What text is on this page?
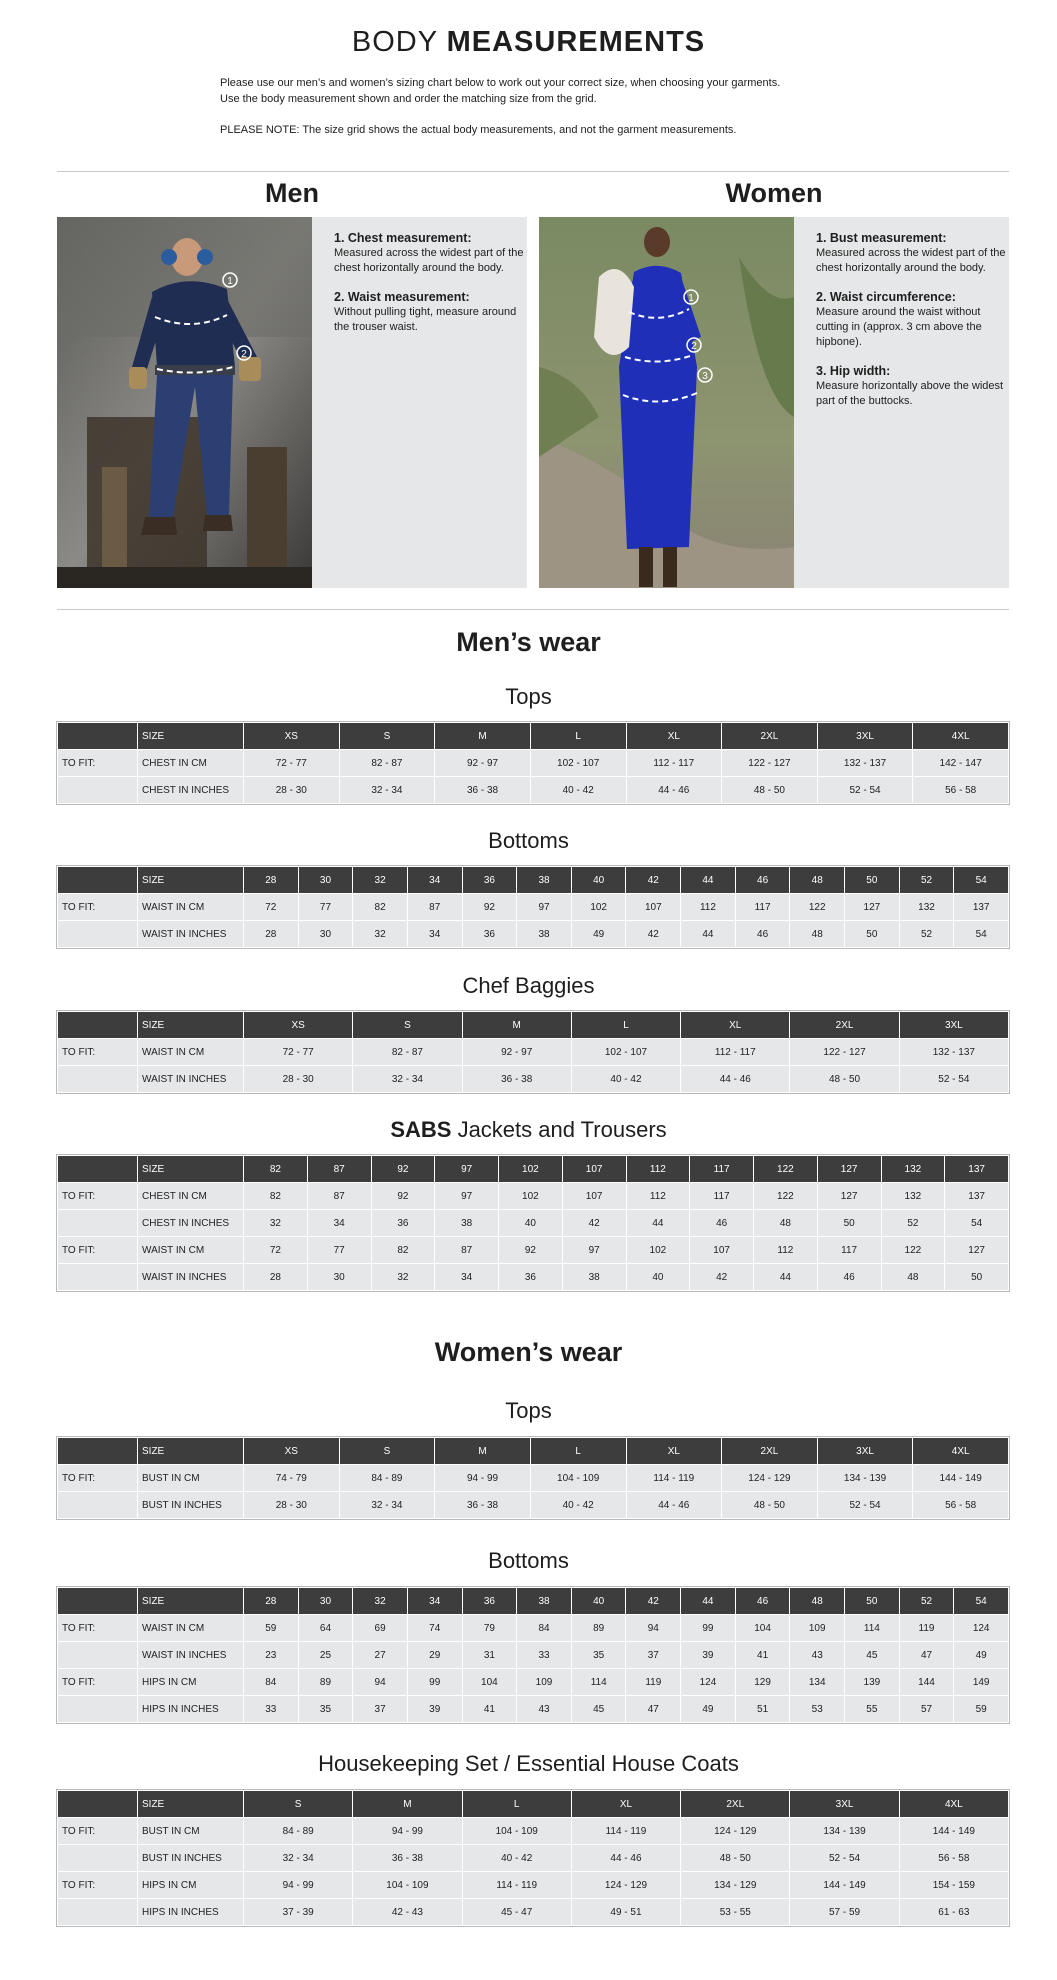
BODY MEASUREMENTS

Please use our men’s and women’s sizing chart below to work out your correct size, when choosing your garments.

Use the body measurement shown and order the matching size from the grid.

PLEASE NOTE: The size grid shows the actual body measurements, and not the garment measurements.

Men
1
2
1. Chest measurement:
Measured across the widest part of the chest horizontally around the body.
2. Waist measurement:
Without pulling tight, measure around the trouser waist.
Women
1
2
3
1. Bust measurement:
Measured across the widest part of the chest horizontally around the body.
2. Waist circumference:
Measure around the waist without cutting in (approx. 3 cm above the hipbone).
3. Hip width:
Measure horizontally above the widest part of the buttocks.
Men’s wear
Tops
	SIZE	XS	S	M	L	XL	2XL	3XL	4XL
TO FIT:	CHEST IN CM	72 - 77	82 - 87	92 - 97	102 - 107	112 - 117	122 - 127	132 - 137	142 - 147
	CHEST IN INCHES	28 - 30	32 - 34	36 - 38	40 - 42	44 - 46	48 - 50	52 - 54	56 - 58
Bottoms
	SIZE	28	30	32	34	36	38	40	42	44	46	48	50	52	54
TO FIT:	WAIST IN CM	72	77	82	87	92	97	102	107	112	117	122	127	132	137
	WAIST IN INCHES	28	30	32	34	36	38	49	42	44	46	48	50	52	54
Chef Baggies
	SIZE	XS	S	M	L	XL	2XL	3XL
TO FIT:	WAIST IN CM	72 - 77	82 - 87	92 - 97	102 - 107	112 - 117	122 - 127	132 - 137
	WAIST IN INCHES	28 - 30	32 - 34	36 - 38	40 - 42	44 - 46	48 - 50	52 - 54
SABS Jackets and Trousers
	SIZE	82	87	92	97	102	107	112	117	122	127	132	137
TO FIT:	CHEST IN CM	82	87	92	97	102	107	112	117	122	127	132	137
	CHEST IN INCHES	32	34	36	38	40	42	44	46	48	50	52	54
TO FIT:	WAIST IN CM	72	77	82	87	92	97	102	107	112	117	122	127
	WAIST IN INCHES	28	30	32	34	36	38	40	42	44	46	48	50
Women’s wear
Tops
	SIZE	XS	S	M	L	XL	2XL	3XL	4XL
TO FIT:	BUST IN CM	74 - 79	84 - 89	94 - 99	104 - 109	114 - 119	124 - 129	134 - 139	144 - 149
	BUST IN INCHES	28 - 30	32 - 34	36 - 38	40 - 42	44 - 46	48 - 50	52 - 54	56 - 58
Bottoms
	SIZE	28	30	32	34	36	38	40	42	44	46	48	50	52	54
TO FIT:	WAIST IN CM	59	64	69	74	79	84	89	94	99	104	109	114	119	124
	WAIST IN INCHES	23	25	27	29	31	33	35	37	39	41	43	45	47	49
TO FIT:	HIPS IN CM	84	89	94	99	104	109	114	119	124	129	134	139	144	149
	HIPS IN INCHES	33	35	37	39	41	43	45	47	49	51	53	55	57	59
Housekeeping Set / Essential House Coats
	SIZE	S	M	L	XL	2XL	3XL	4XL
TO FIT:	BUST IN CM	84 - 89	94 - 99	104 - 109	114 - 119	124 - 129	134 - 139	144 - 149
	BUST IN INCHES	32 - 34	36 - 38	40 - 42	44 - 46	48 - 50	52 - 54	56 - 58
TO FIT:	HIPS IN CM	94 - 99	104 - 109	114 - 119	124 - 129	134 - 129	144 - 149	154 - 159
	HIPS IN INCHES	37 - 39	42 - 43	45 - 47	49 - 51	53 - 55	57 - 59	61 - 63
